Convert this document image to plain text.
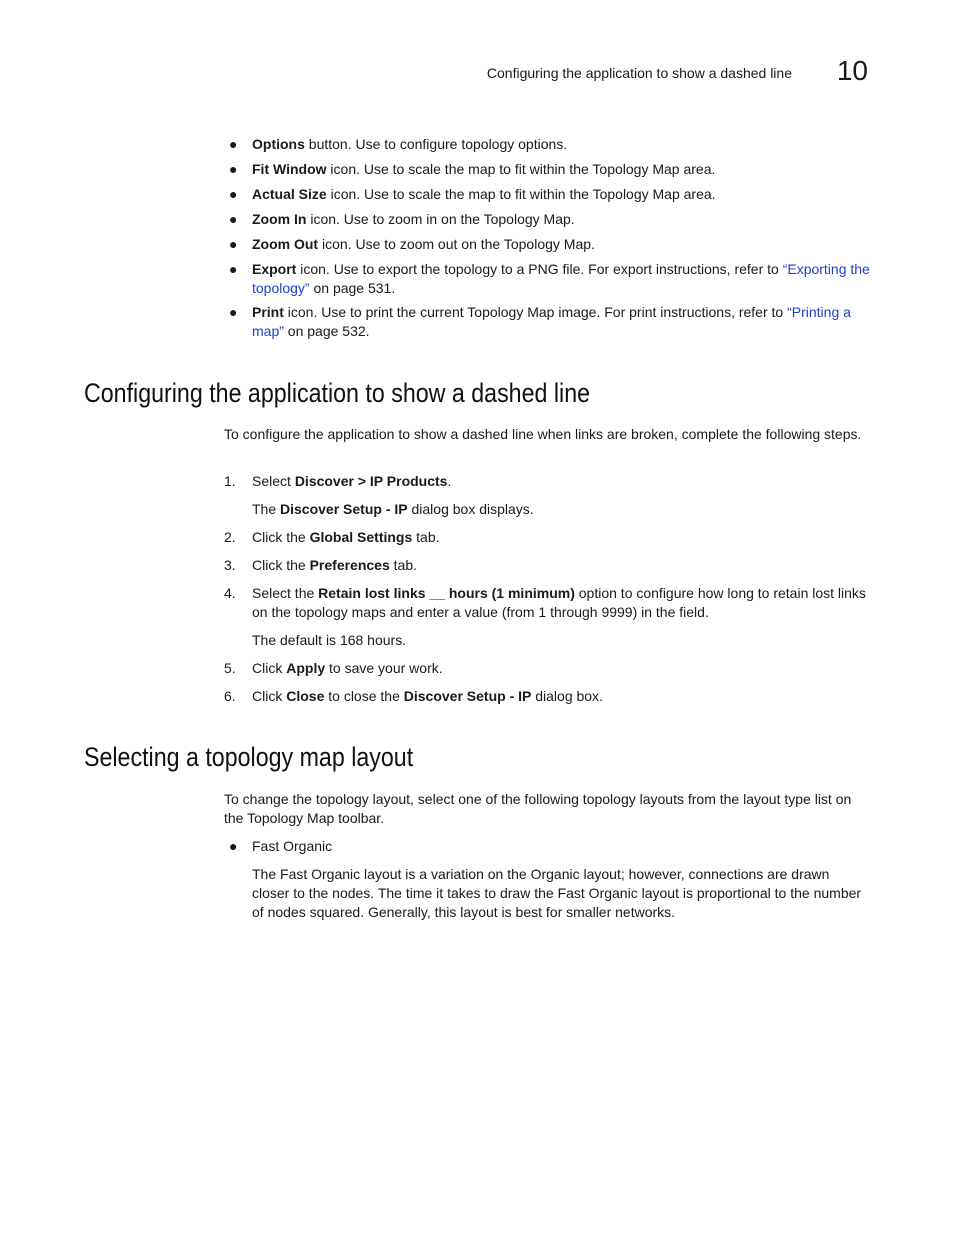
Configuring the application to show a dashed line	10
● Options button. Use to configure topology options.
● Fit Window icon. Use to scale the map to fit within the Topology Map area.
● Actual Size icon. Use to scale the map to fit within the Topology Map area.
● Zoom In icon. Use to zoom in on the Topology Map.
● Zoom Out icon. Use to zoom out on the Topology Map.
● Export icon. Use to export the topology to a PNG file. For export instructions, refer to “Exporting the topology” on page 531.
● Print icon. Use to print the current Topology Map image. For print instructions, refer to “Printing a map” on page 532.
Configuring the application to show a dashed line
To configure the application to show a dashed line when links are broken, complete the following steps.
1. Select Discover > IP Products.
The Discover Setup - IP dialog box displays.
2. Click the Global Settings tab.
3. Click the Preferences tab.
4. Select the Retain lost links __ hours (1 minimum) option to configure how long to retain lost links on the topology maps and enter a value (from 1 through 9999) in the field.
The default is 168 hours.
5. Click Apply to save your work.
6. Click Close to close the Discover Setup - IP dialog box.
Selecting a topology map layout
To change the topology layout, select one of the following topology layouts from the layout type list on the Topology Map toolbar.
● Fast Organic
The Fast Organic layout is a variation on the Organic layout; however, connections are drawn closer to the nodes. The time it takes to draw the Fast Organic layout is proportional to the number of nodes squared. Generally, this layout is best for smaller networks.
